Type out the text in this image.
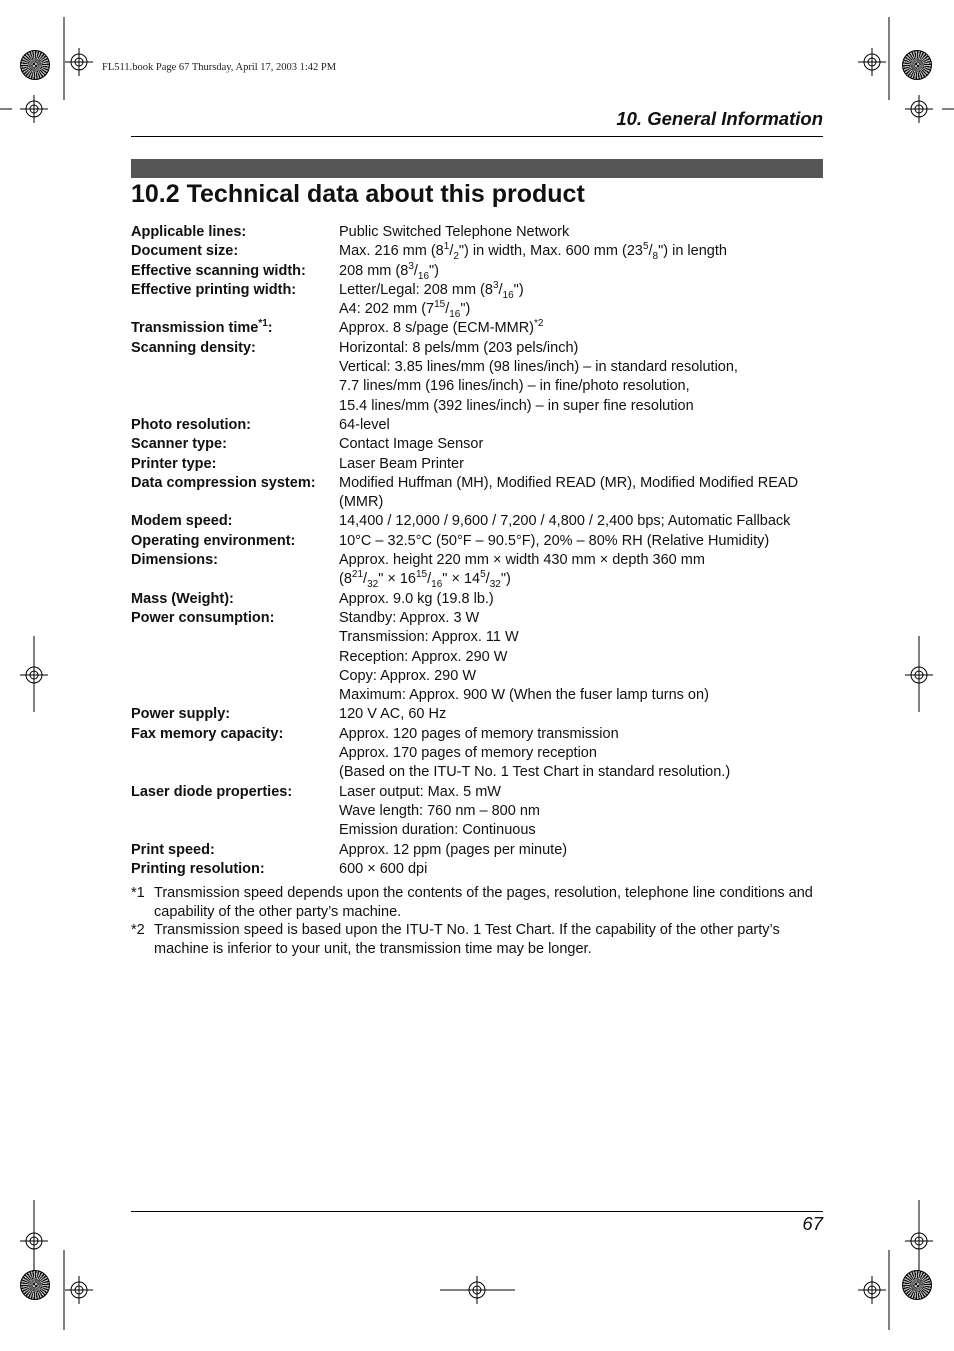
FL511.book Page 67 Thursday, April 17, 2003 1:42 PM
10. General Information
10.2 Technical data about this product
Applicable lines:	Public Switched Telephone Network
Document size:	Max. 216 mm $(8^1/_2")$ in width, Max. 600 mm $(23^5/_8")$ in length
Effective scanning width:	208 mm $(8^3/_{16}")$
Effective printing width:	Letter/Legal: 208 mm $(8^3/_{16}")$
A4: 202 mm $(7^{15}/_{16}")$
Transmission time$^{*1}$:	Approx. 8 s/page $(ECM-MMR)^{*2}$
Scanning density:	Horizontal: 8 pels/mm (203 pels/inch)
Vertical: 3.85 lines/mm (98 lines/inch) – in standard resolution,
7.7 lines/mm (196 lines/inch) – in fine/photo resolution,
15.4 lines/mm (392 lines/inch) – in super fine resolution
Photo resolution:	64-level
Scanner type:	Contact Image Sensor
Printer type:	Laser Beam Printer
Data compression system:	Modified Huffman (MH), Modified READ (MR), Modified Modified READ (MMR)
Modem speed:	14,400 / 12,000 / 9,600 / 7,200 / 4,800 / 2,400 bps; Automatic Fallback
Operating environment:	10°C – 32.5°C (50°F – 90.5°F), 20% – 80% RH (Relative Humidity)
Dimensions:	Approx. height 220 mm × width 430 mm × depth 360 mm
($8^{21}/_{32}$" × $16^{15}/_{16}$" × $14^5/_{32}$")
Mass (Weight):	Approx. 9.0 kg (19.8 lb.)
Power consumption:	Standby: Approx. 3 W
Transmission: Approx. 11 W
Reception: Approx. 290 W
Copy: Approx. 290 W
Maximum: Approx. 900 W (When the fuser lamp turns on)
Power supply:	120 V AC, 60 Hz
Fax memory capacity:	Approx. 120 pages of memory transmission
Approx. 170 pages of memory reception
(Based on the ITU-T No. 1 Test Chart in standard resolution.)
Laser diode properties:	Laser output: Max. 5 mW
Wave length: 760 nm – 800 nm
Emission duration: Continuous
Print speed:	Approx. 12 ppm (pages per minute)
Printing resolution:	600 × 600 dpi
*1 Transmission speed depends upon the contents of the pages, resolution, telephone line conditions and capability of the other party’s machine.
*2 Transmission speed is based upon the ITU-T No. 1 Test Chart. If the capability of the other party’s machine is inferior to your unit, the transmission time may be longer.
67
